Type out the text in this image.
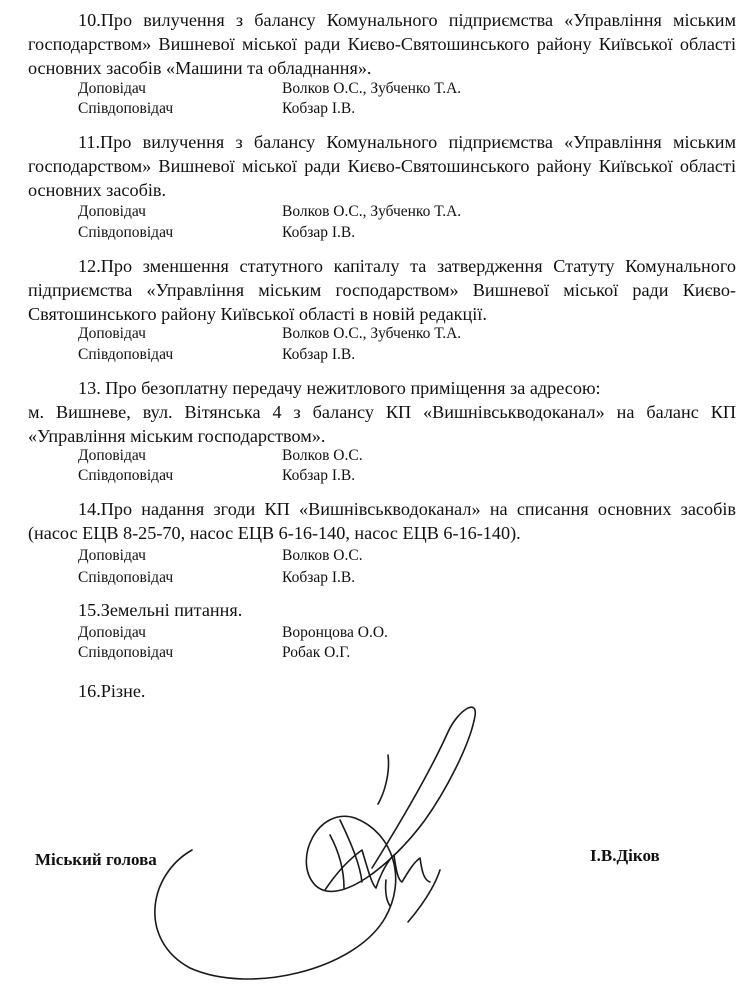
10.Про вилучення з балансу Комунального підприємства «Управління міським господарством» Вишневої міської ради Києво-Святошинського району Київської області основних засобів «Машини та обладнання».

Доповідач	Волков О.С., Зубченко Т.А.
Співдоповідач	Кобзар І.В.

11.Про вилучення з балансу Комунального підприємства «Управління міським господарством» Вишневої міської ради Києво-Святошинського району Київської області основних засобів.

Доповідач	Волков О.С., Зубченко Т.А.
Співдоповідач	Кобзар І.В.

12.Про зменшення статутного капіталу та затвердження Статуту Комунального підприємства «Управління міським господарством» Вишневої міської ради Києво-Святошинського району Київської області в новій редакції.

Доповідач	Волков О.С., Зубченко Т.А.
Співдоповідач	Кобзар І.В.
13. Про безоплатну передачу нежитлового приміщення за адресою:

м. Вишневе, вул. Вітянська 4 з балансу КП «Вишнівськводоканал» на баланс КП «Управління міським господарством».

Доповідач	Волков О.С.
Співдоповідач	Кобзар І.В.

14.Про надання згоди КП «Вишнівськводоканал» на списання основних засобів (насос ЕЦВ 8-25-70, насос ЕЦВ 6-16-140, насос ЕЦВ 6-16-140).

Доповідач	Волков О.С.
Співдоповідач	Кобзар І.В.

15.Земельні питання.

Доповідач	Воронцова О.О.
Співдоповідач	Робак О.Г.

16.Різне.

Міський голова	І.В.Діков
